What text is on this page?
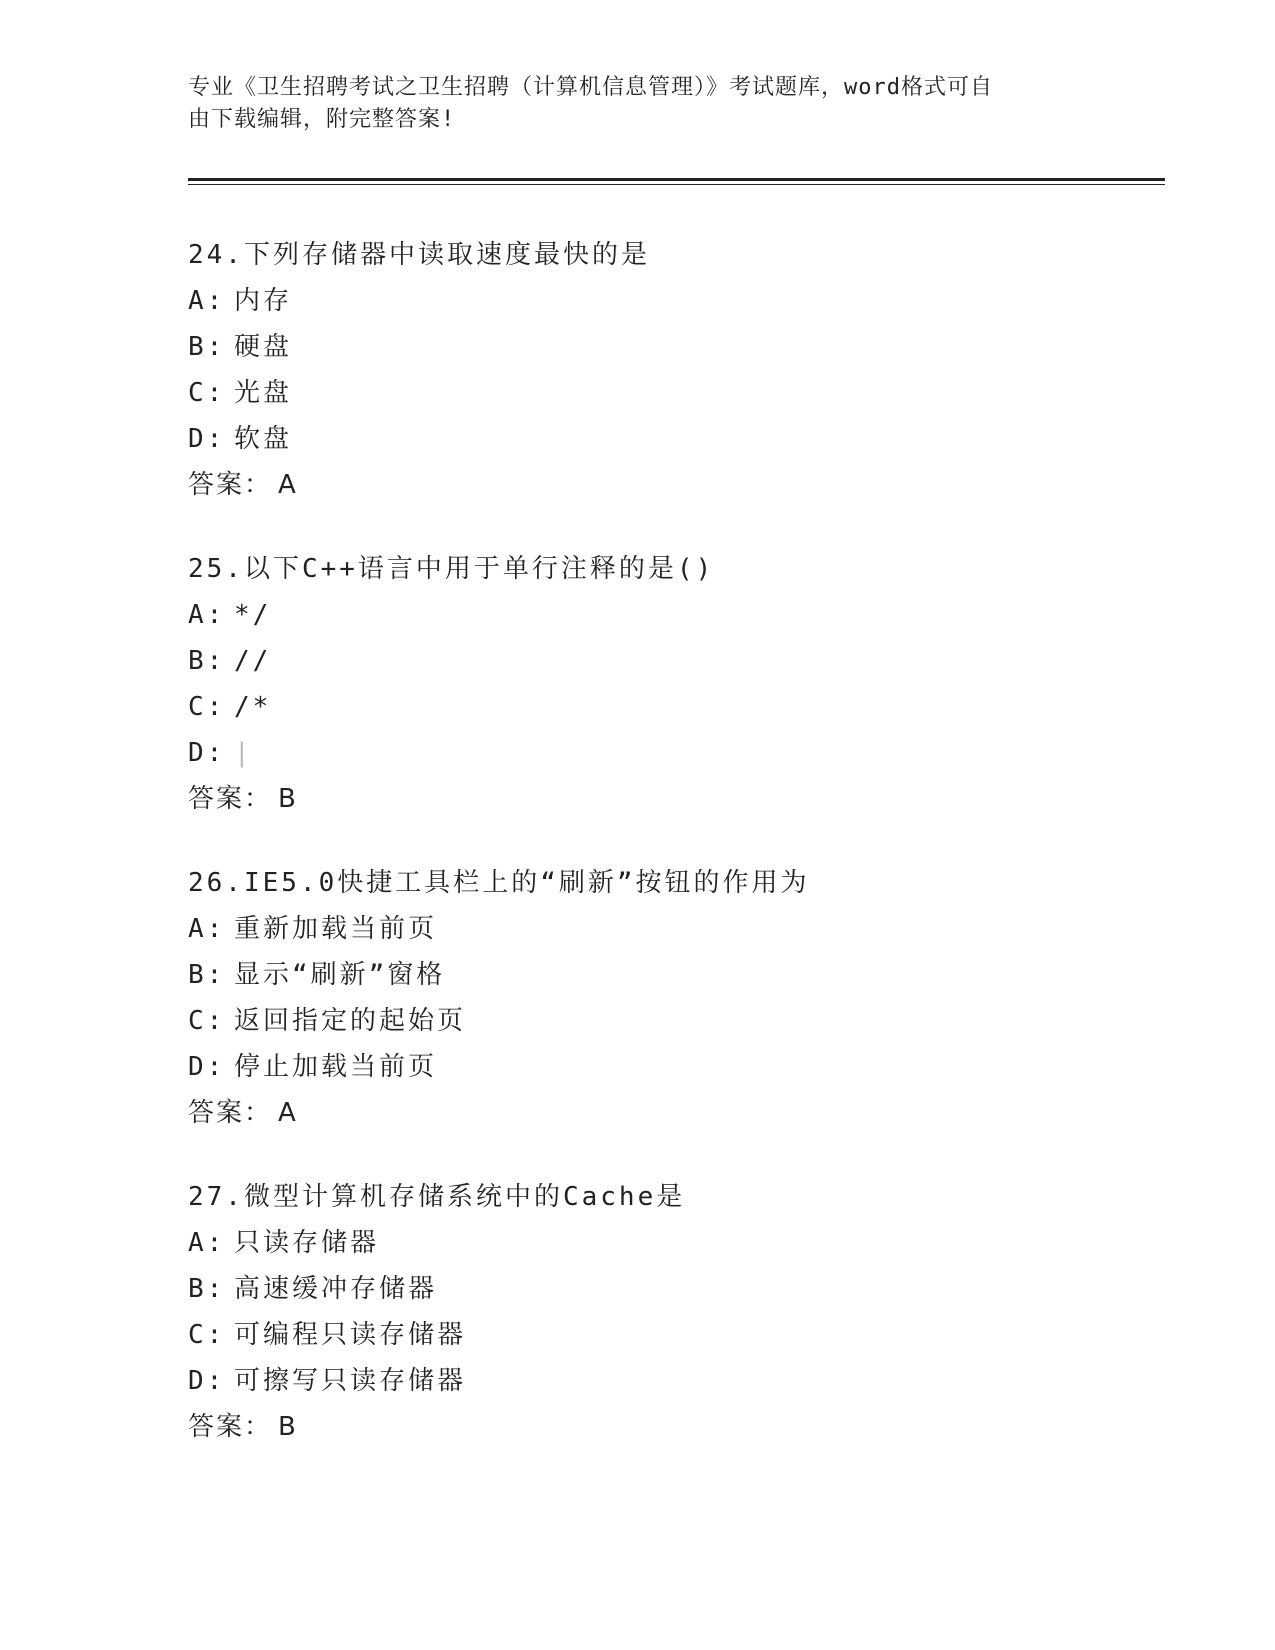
专业《卫生招聘考试之卫生招聘（计算机信息管理）》考试题库，word格式可自
由下载编辑，附完整答案!
24.下列存储器中读取速度最快的是
A: 内存
B: 硬盘
C: 光盘
D: 软盘
答案： A
25.以下C++语言中用于单行注释的是()
A: */
B: //
C: /*
D: |
答案： B
26.IE5.0快捷工具栏上的“刷新”按钮的作用为
A: 重新加载当前页
B: 显示“刷新”窗格
C: 返回指定的起始页
D: 停止加载当前页
答案： A
27.微型计算机存储系统中的Cache是
A: 只读存储器
B: 高速缓冲存储器
C: 可编程只读存储器
D: 可擦写只读存储器
答案： B
